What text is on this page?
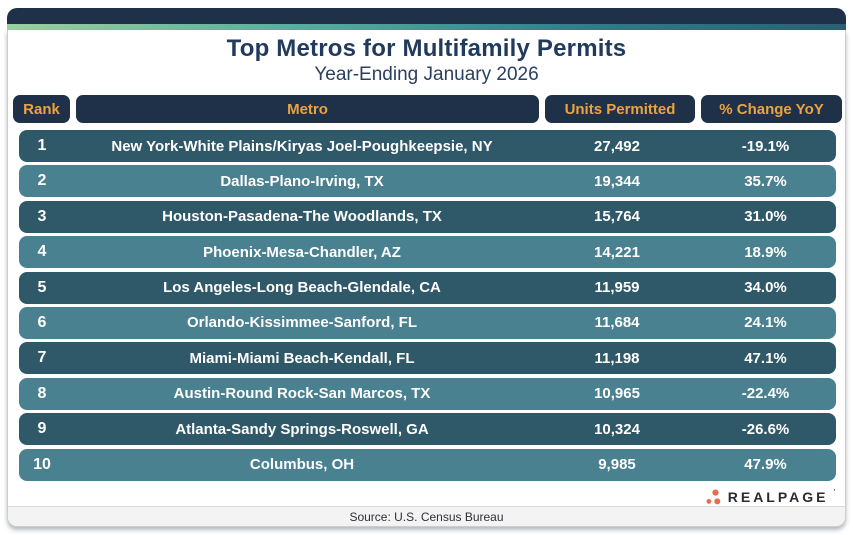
Top Metros for Multifamily Permits
Year-Ending January 2026
Rank	Metro	Units Permitted	% Change YoY
1	New York-White Plains/Kiryas Joel-Poughkeepsie, NY	27,492	-19.1%
2	Dallas-Plano-Irving, TX	19,344	35.7%
3	Houston-Pasadena-The Woodlands, TX	15,764	31.0%
4	Phoenix-Mesa-Chandler, AZ	14,221	18.9%
5	Los Angeles-Long Beach-Glendale, CA	11,959	34.0%
6	Orlando-Kissimmee-Sanford, FL	11,684	24.1%
7	Miami-Miami Beach-Kendall, FL	11,198	47.1%
8	Austin-Round Rock-San Marcos, TX	10,965	-22.4%
9	Atlanta-Sandy Springs-Roswell, GA	10,324	-26.6%
10	Columbus, OH	9,985	47.9%
REALPAGE ′
Source: U.S. Census Bureau
